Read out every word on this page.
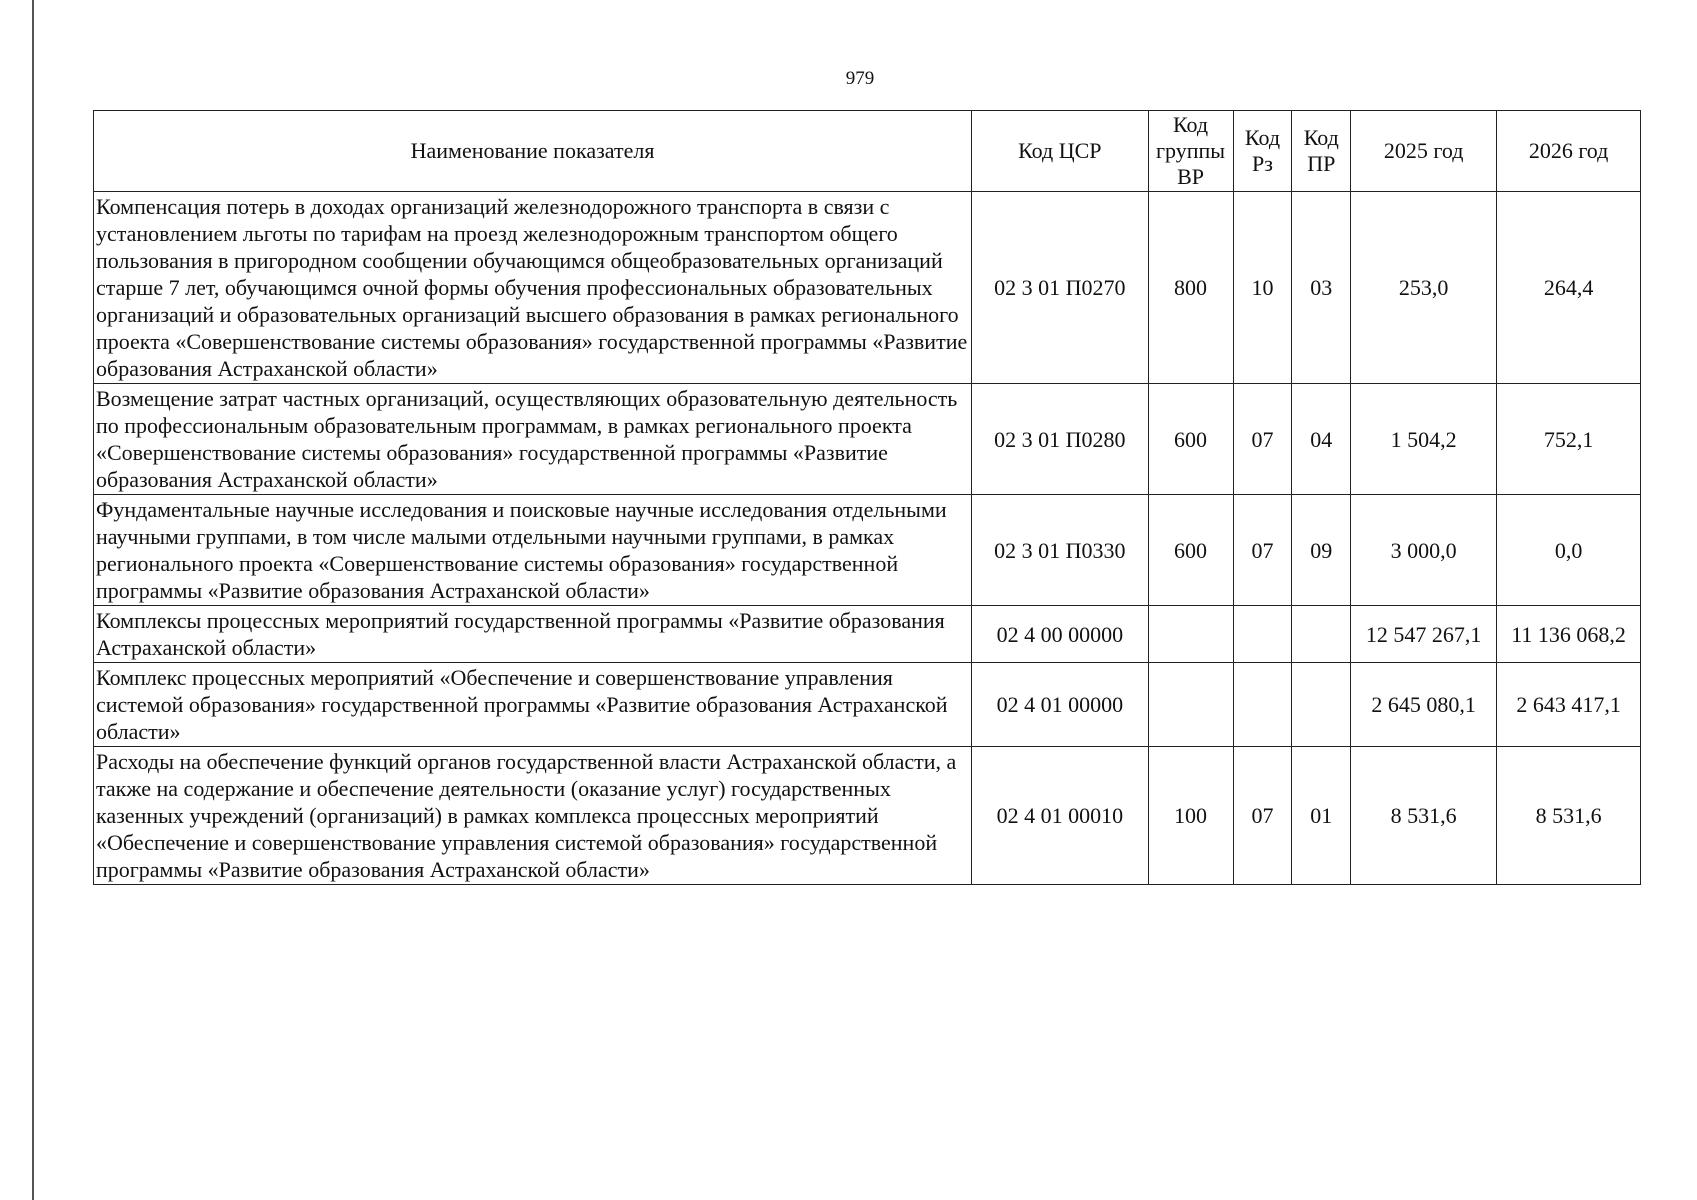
979
Наименование показателя	Код ЦСР	Код группы ВР	Код Рз	Код ПР	2025 год	2026 год
Компенсация потерь в доходах организаций железнодорожного транспорта в связи с установлением льготы по тарифам на проезд железнодорожным транспортом общего пользования в пригородном сообщении обучающимся общеобразовательных организаций старше 7 лет, обучающимся очной формы обучения профессиональных образовательных организаций и образовательных организаций высшего образования в рамках регионального проекта «Совершенствование системы образования» государственной программы «Развитие образования Астраханской области»	02 3 01 П0270	800	10	03	253,0	264,4
Возмещение затрат частных организаций, осуществляющих образовательную деятельность по профессиональным образовательным программам, в рамках регионального проекта «Совершенствование системы образования» государственной программы «Развитие образования Астраханской области»	02 3 01 П0280	600	07	04	1 504,2	752,1
Фундаментальные научные исследования и поисковые научные исследования отдельными научными группами, в том числе малыми отдельными научными группами, в рамках регионального проекта «Совершенствование системы образования» государственной программы «Развитие образования Астраханской области»	02 3 01 П0330	600	07	09	3 000,0	0,0
Комплексы процессных мероприятий государственной программы «Развитие образования Астраханской области»	02 4 00 00000				12 547 267,1	11 136 068,2
Комплекс процессных мероприятий «Обеспечение и совершенствование управления системой образования» государственной программы «Развитие образования Астраханской области»	02 4 01 00000				2 645 080,1	2 643 417,1
Расходы на обеспечение функций органов государственной власти Астраханской области, а также на содержание и обеспечение деятельности (оказание услуг) государственных казенных учреждений (организаций) в рамках комплекса процессных мероприятий «Обеспечение и совершенствование управления системой образования» государственной программы «Развитие образования Астраханской области»	02 4 01 00010	100	07	01	8 531,6	8 531,6
